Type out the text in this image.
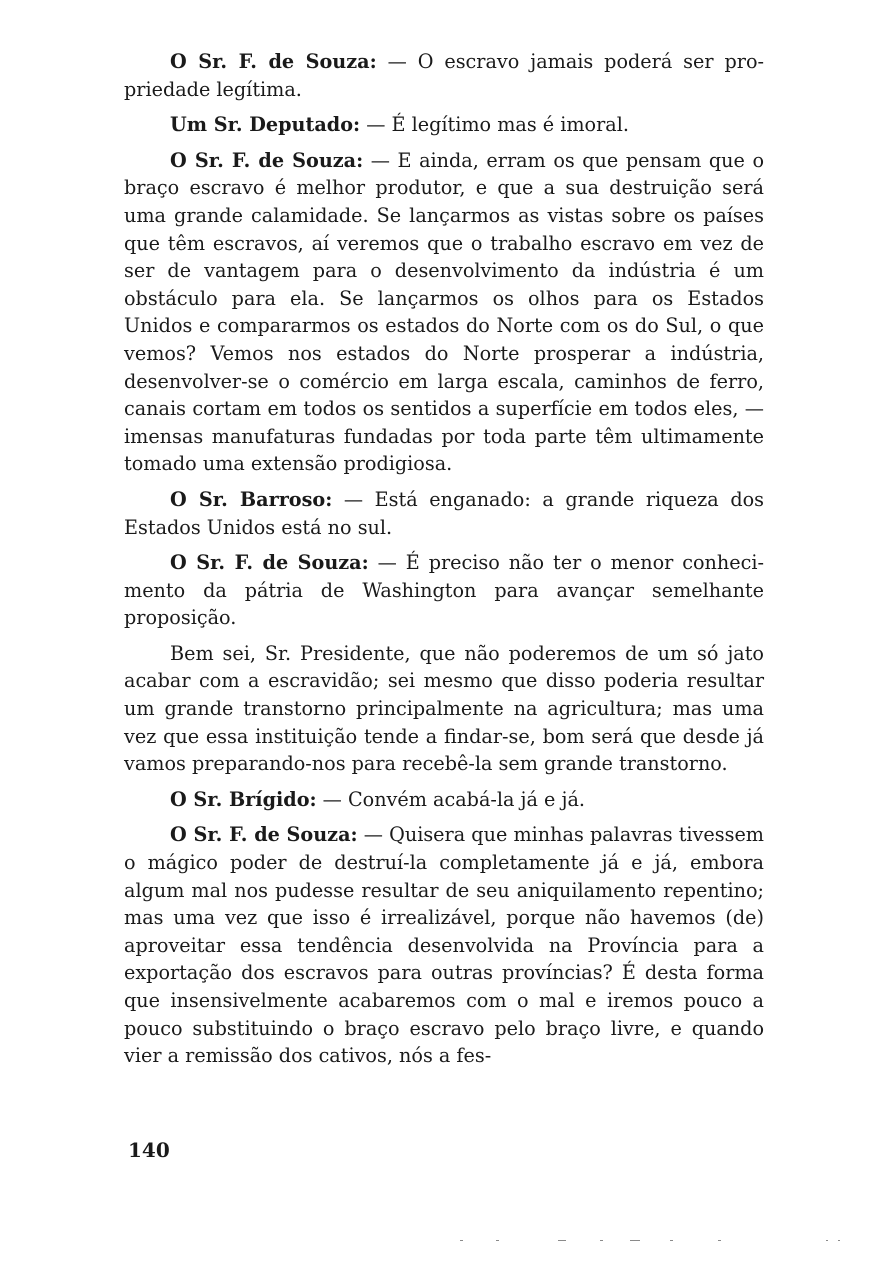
O Sr. F. de Souza: — O escravo jamais poderá ser propriedade legítima.

Um Sr. Deputado: — É legítimo mas é imoral.

O Sr. F. de Souza: — E ainda, erram os que pensam que o braço escravo é melhor produtor, e que a sua destruição será uma grande calamidade. Se lançarmos as vistas sobre os países que têm escravos, aí veremos que o trabalho escravo em vez de ser de vantagem para o desenvolvimento da indústria é um obstáculo para ela. Se lançarmos os olhos para os Estados Unidos e compararmos os estados do Norte com os do Sul, o que vemos? Vemos nos estados do Norte prosperar a indústria, desenvolver-se o comércio em larga escala, caminhos de ferro, canais cortam em todos os sentidos a superfície em todos eles, — imensas manufaturas fundadas por toda parte têm ultimamente tomado uma extensão prodigiosa.

O Sr. Barroso: — Está enganado: a grande riqueza dos Estados Unidos está no sul.

O Sr. F. de Souza: — É preciso não ter o menor conhecimento da pátria de Washington para avançar semelhante proposição.

Bem sei, Sr. Presidente, que não poderemos de um só jato acabar com a escravidão; sei mesmo que disso poderia resultar um grande transtorno principalmente na agricultura; mas uma vez que essa instituição tende a findar-se, bom será que desde já vamos preparando-nos para recebê-la sem grande transtorno.

O Sr. Brígido: — Convém acabá-la já e já.

O Sr. F. de Souza: — Quisera que minhas palavras tivessem o mágico poder de destruí-la completamente já e já, embora algum mal nos pudesse resultar de seu aniquilamento repentino; mas uma vez que isso é irrealizável, porque não havemos (de) aproveitar essa tendência desenvolvida na Província para a exportação dos escravos para outras províncias? É desta forma que insensivelmente acabaremos com o mal e iremos pouco a pouco substituindo o braço escravo pelo braço livre, e quando vier a remissão dos cativos, nós a fes-

140
